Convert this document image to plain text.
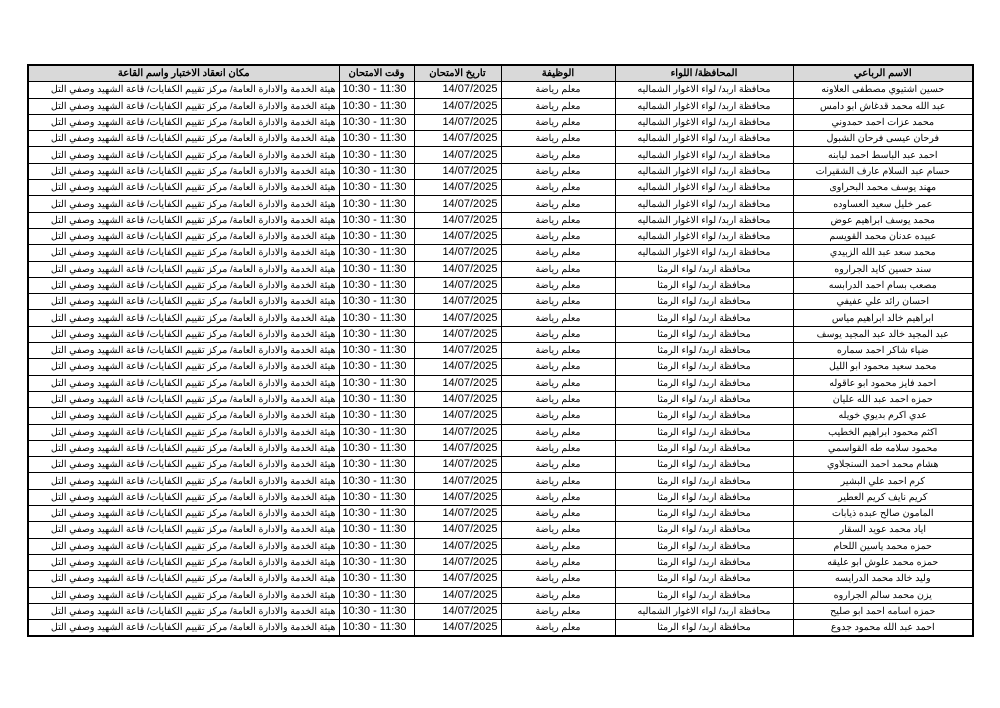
الاسم الرباعي	المحافظة/ اللواء	الوظيفة	تاريخ الامتحان	وقت الامتحان	مكان انعقاد الاختبار واسم القاعة
حسين اشتيوي مصطفى العلاونه	محافظة اربد/ لواء الاغوار الشماليه	معلم رياضة	14/07/2025	10:30 - 11:30	هيئة الخدمة والادارة العامة/ مركز تقييم الكفايات/ قاعة الشهيد وصفي التل
عبد الله محمد قدغاش ابو دامس	محافظة اربد/ لواء الاغوار الشماليه	معلم رياضة	14/07/2025	10:30 - 11:30	هيئة الخدمة والادارة العامة/ مركز تقييم الكفايات/ قاعة الشهيد وصفي التل
محمد عزات احمد حمدوني	محافظة اربد/ لواء الاغوار الشماليه	معلم رياضة	14/07/2025	10:30 - 11:30	هيئة الخدمة والادارة العامة/ مركز تقييم الكفايات/ قاعة الشهيد وصفي التل
فرحان عيسى فرحان الشبول	محافظة اربد/ لواء الاغوار الشماليه	معلم رياضة	14/07/2025	10:30 - 11:30	هيئة الخدمة والادارة العامة/ مركز تقييم الكفايات/ قاعة الشهيد وصفي التل
احمد عبد الباسط احمد لبابنه	محافظة اربد/ لواء الاغوار الشماليه	معلم رياضة	14/07/2025	10:30 - 11:30	هيئة الخدمة والادارة العامة/ مركز تقييم الكفايات/ قاعة الشهيد وصفي التل
حسام عبد السلام عارف الشقيرات	محافظة اربد/ لواء الاغوار الشماليه	معلم رياضة	14/07/2025	10:30 - 11:30	هيئة الخدمة والادارة العامة/ مركز تقييم الكفايات/ قاعة الشهيد وصفي التل
مهند يوسف محمد البحراوى	محافظة اربد/ لواء الاغوار الشماليه	معلم رياضة	14/07/2025	10:30 - 11:30	هيئة الخدمة والادارة العامة/ مركز تقييم الكفايات/ قاعة الشهيد وصفي التل
عمر خليل سعيد العساوده	محافظة اربد/ لواء الاغوار الشماليه	معلم رياضة	14/07/2025	10:30 - 11:30	هيئة الخدمة والادارة العامة/ مركز تقييم الكفايات/ قاعة الشهيد وصفي التل
محمد يوسف ابراهيم عوض	محافظة اربد/ لواء الاغوار الشماليه	معلم رياضة	14/07/2025	10:30 - 11:30	هيئة الخدمة والادارة العامة/ مركز تقييم الكفايات/ قاعة الشهيد وصفي التل
عبيده عدنان محمد القويسم	محافظة اربد/ لواء الاغوار الشماليه	معلم رياضة	14/07/2025	10:30 - 11:30	هيئة الخدمة والادارة العامة/ مركز تقييم الكفايات/ قاعة الشهيد وصفي التل
محمد سعد عبد الله الزبيدي	محافظة اربد/ لواء الاغوار الشماليه	معلم رياضة	14/07/2025	10:30 - 11:30	هيئة الخدمة والادارة العامة/ مركز تقييم الكفايات/ قاعة الشهيد وصفي التل
سند حسين كايد الجراروه	محافظة اربد/ لواء الرمثا	معلم رياضة	14/07/2025	10:30 - 11:30	هيئة الخدمة والادارة العامة/ مركز تقييم الكفايات/ قاعة الشهيد وصفي التل
مصعب بسام احمد الدرابسه	محافظة اربد/ لواء الرمثا	معلم رياضة	14/07/2025	10:30 - 11:30	هيئة الخدمة والادارة العامة/ مركز تقييم الكفايات/ قاعة الشهيد وصفي التل
احسان رائد علي عفيفي	محافظة اربد/ لواء الرمثا	معلم رياضة	14/07/2025	10:30 - 11:30	هيئة الخدمة والادارة العامة/ مركز تقييم الكفايات/ قاعة الشهيد وصفي التل
ابراهيم خالد ابراهيم مياس	محافظة اربد/ لواء الرمثا	معلم رياضة	14/07/2025	10:30 - 11:30	هيئة الخدمة والادارة العامة/ مركز تقييم الكفايات/ قاعة الشهيد وصفي التل
عبد المجيد خالد عبد المجيد يوسف	محافظة اربد/ لواء الرمثا	معلم رياضة	14/07/2025	10:30 - 11:30	هيئة الخدمة والادارة العامة/ مركز تقييم الكفايات/ قاعة الشهيد وصفي التل
ضياء شاكر احمد سماره	محافظة اربد/ لواء الرمثا	معلم رياضة	14/07/2025	10:30 - 11:30	هيئة الخدمة والادارة العامة/ مركز تقييم الكفايات/ قاعة الشهيد وصفي التل
محمد سعيد محمود ابو الليل	محافظة اربد/ لواء الرمثا	معلم رياضة	14/07/2025	10:30 - 11:30	هيئة الخدمة والادارة العامة/ مركز تقييم الكفايات/ قاعة الشهيد وصفي التل
احمد فايز محمود ابو عاقوله	محافظة اربد/ لواء الرمثا	معلم رياضة	14/07/2025	10:30 - 11:30	هيئة الخدمة والادارة العامة/ مركز تقييم الكفايات/ قاعة الشهيد وصفي التل
حمزه احمد عبد الله عليان	محافظة اربد/ لواء الرمثا	معلم رياضة	14/07/2025	10:30 - 11:30	هيئة الخدمة والادارة العامة/ مركز تقييم الكفايات/ قاعة الشهيد وصفي التل
عدي اكرم بديوي خويله	محافظة اربد/ لواء الرمثا	معلم رياضة	14/07/2025	10:30 - 11:30	هيئة الخدمة والادارة العامة/ مركز تقييم الكفايات/ قاعة الشهيد وصفي التل
اكثم محمود ابراهيم الخطيب	محافظة اربد/ لواء الرمثا	معلم رياضة	14/07/2025	10:30 - 11:30	هيئة الخدمة والادارة العامة/ مركز تقييم الكفايات/ قاعة الشهيد وصفي التل
محمود سلامه طه القواسمي	محافظة اربد/ لواء الرمثا	معلم رياضة	14/07/2025	10:30 - 11:30	هيئة الخدمة والادارة العامة/ مركز تقييم الكفايات/ قاعة الشهيد وصفي التل
هشام محمد احمد السنجلاوي	محافظة اربد/ لواء الرمثا	معلم رياضة	14/07/2025	10:30 - 11:30	هيئة الخدمة والادارة العامة/ مركز تقييم الكفايات/ قاعة الشهيد وصفي التل
كرم احمد علي البشير	محافظة اربد/ لواء الرمثا	معلم رياضة	14/07/2025	10:30 - 11:30	هيئة الخدمة والادارة العامة/ مركز تقييم الكفايات/ قاعة الشهيد وصفي التل
كريم نايف كريم العطير	محافظة اربد/ لواء الرمثا	معلم رياضة	14/07/2025	10:30 - 11:30	هيئة الخدمة والادارة العامة/ مركز تقييم الكفايات/ قاعة الشهيد وصفي التل
المامون صالح عبده ذيابات	محافظة اربد/ لواء الرمثا	معلم رياضة	14/07/2025	10:30 - 11:30	هيئة الخدمة والادارة العامة/ مركز تقييم الكفايات/ قاعة الشهيد وصفي التل
اياد محمد عويد السقار	محافظة اربد/ لواء الرمثا	معلم رياضة	14/07/2025	10:30 - 11:30	هيئة الخدمة والادارة العامة/ مركز تقييم الكفايات/ قاعة الشهيد وصفي التل
حمزه محمد ياسين اللحام	محافظة اربد/ لواء الرمثا	معلم رياضة	14/07/2025	10:30 - 11:30	هيئة الخدمة والادارة العامة/ مركز تقييم الكفايات/ قاعة الشهيد وصفي التل
حمزه محمد علوش ابو عليقه	محافظة اربد/ لواء الرمثا	معلم رياضة	14/07/2025	10:30 - 11:30	هيئة الخدمة والادارة العامة/ مركز تقييم الكفايات/ قاعة الشهيد وصفي التل
وليد خالد محمد الدرايسه	محافظة اربد/ لواء الرمثا	معلم رياضة	14/07/2025	10:30 - 11:30	هيئة الخدمة والادارة العامة/ مركز تقييم الكفايات/ قاعة الشهيد وصفي التل
يزن محمد سالم الجراروه	محافظة اربد/ لواء الرمثا	معلم رياضة	14/07/2025	10:30 - 11:30	هيئة الخدمة والادارة العامة/ مركز تقييم الكفايات/ قاعة الشهيد وصفي التل
حمزه اسامه احمد ابو صليح	محافظة اربد/ لواء الاغوار الشماليه	معلم رياضة	14/07/2025	10:30 - 11:30	هيئة الخدمة والادارة العامة/ مركز تقييم الكفايات/ قاعة الشهيد وصفي التل
احمد عبد الله محمود جدوع	محافظة اربد/ لواء الرمثا	معلم رياضة	14/07/2025	10:30 - 11:30	هيئة الخدمة والادارة العامة/ مركز تقييم الكفايات/ قاعة الشهيد وصفي التل
